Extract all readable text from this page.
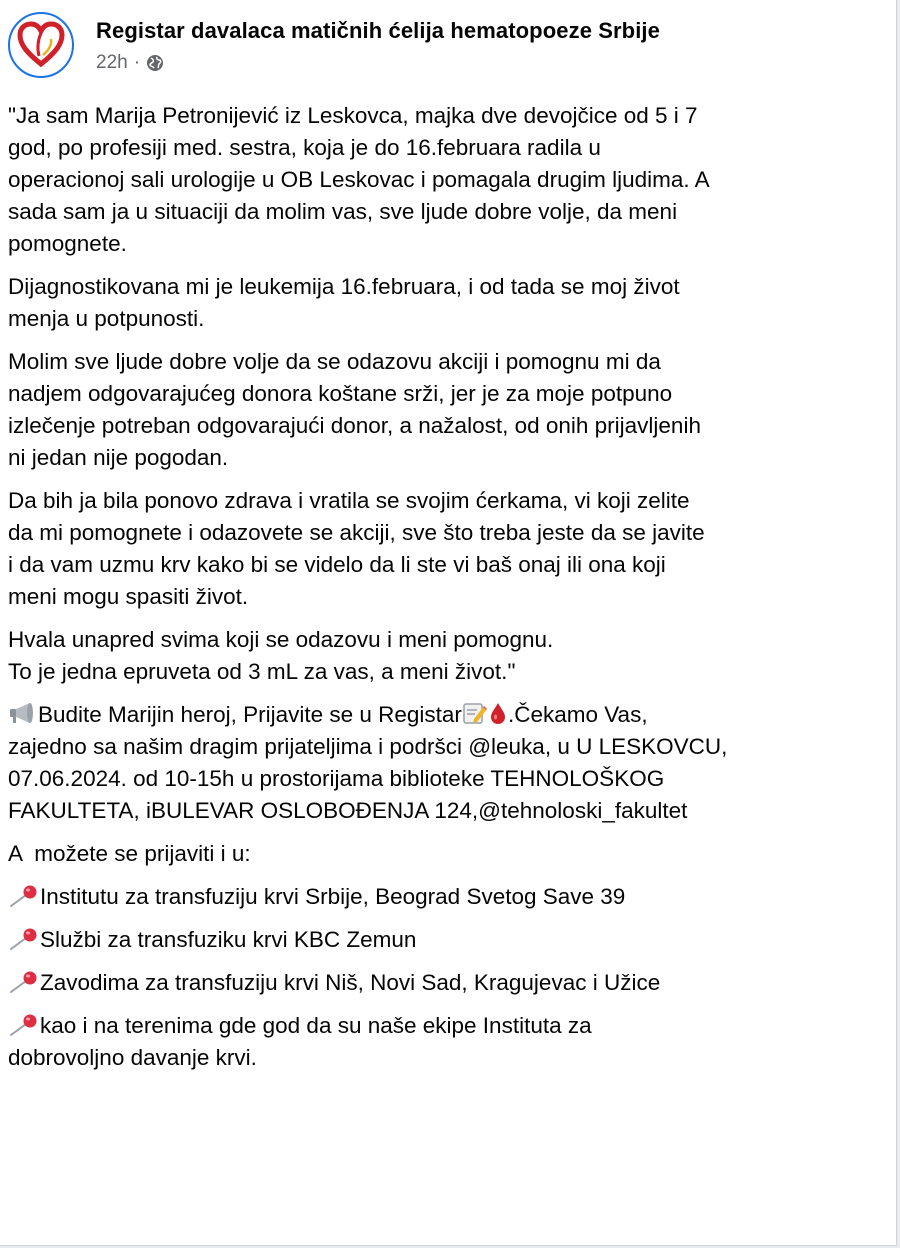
Registar davalaca matičnih ćelija hematopoeze Srbije
22h ·

"Ja sam Marija Petronijević iz Leskovca, majka dve devojčice od 5 i 7
god, po profesiji med. sestra, koja je do 16.februara radila u
operacionoj sali urologije u OB Leskovac i pomagala drugim ljudima. A
sada sam ja u situaciji da molim vas, sve ljude dobre volje, da meni
pomognete.

Dijagnostikovana mi je leukemija 16.februara, i od tada se moj život
menja u potpunosti.

Molim sve ljude dobre volje da se odazovu akciji i pomognu mi da
nadjem odgovarajućeg donora koštane srži, jer je za moje potpuno
izlečenje potreban odgovarajući donor, a nažalost, od onih prijavljenih
ni jedan nije pogodan.

Da bih ja bila ponovo zdrava i vratila se svojim ćerkama, vi koji zelite
da mi pomognete i odazovete se akciji, sve što treba jeste da se javite
i da vam uzmu krv kako bi se videlo da li ste vi baš onaj ili ona koji
meni mogu spasiti život.

Hvala unapred svima koji se odazovu i meni pomognu.
To je jedna epruveta od 3 mL za vas, a meni život."

Budite Marijin heroj, Prijavite se u Registar .Čekamo Vas,
zajedno sa našim dragim prijateljima i podršci @leuka, u U LESKOVCU,
07.06.2024. od 10-15h u prostorijama biblioteke TEHNOLOŠKOG
FAKULTETA, iBULEVAR OSLOBOĐENJA 124,@tehnoloski_fakultet

A  možete se prijaviti i u:

Institutu za transfuziju krvi Srbije, Beograd Svetog Save 39

Službi za transfuziku krvi KBC Zemun

Zavodima za transfuziju krvi Niš, Novi Sad, Kragujevac i Užice

kao i na terenima gde god da su naše ekipe Instituta za
dobrovoljno davanje krvi.
